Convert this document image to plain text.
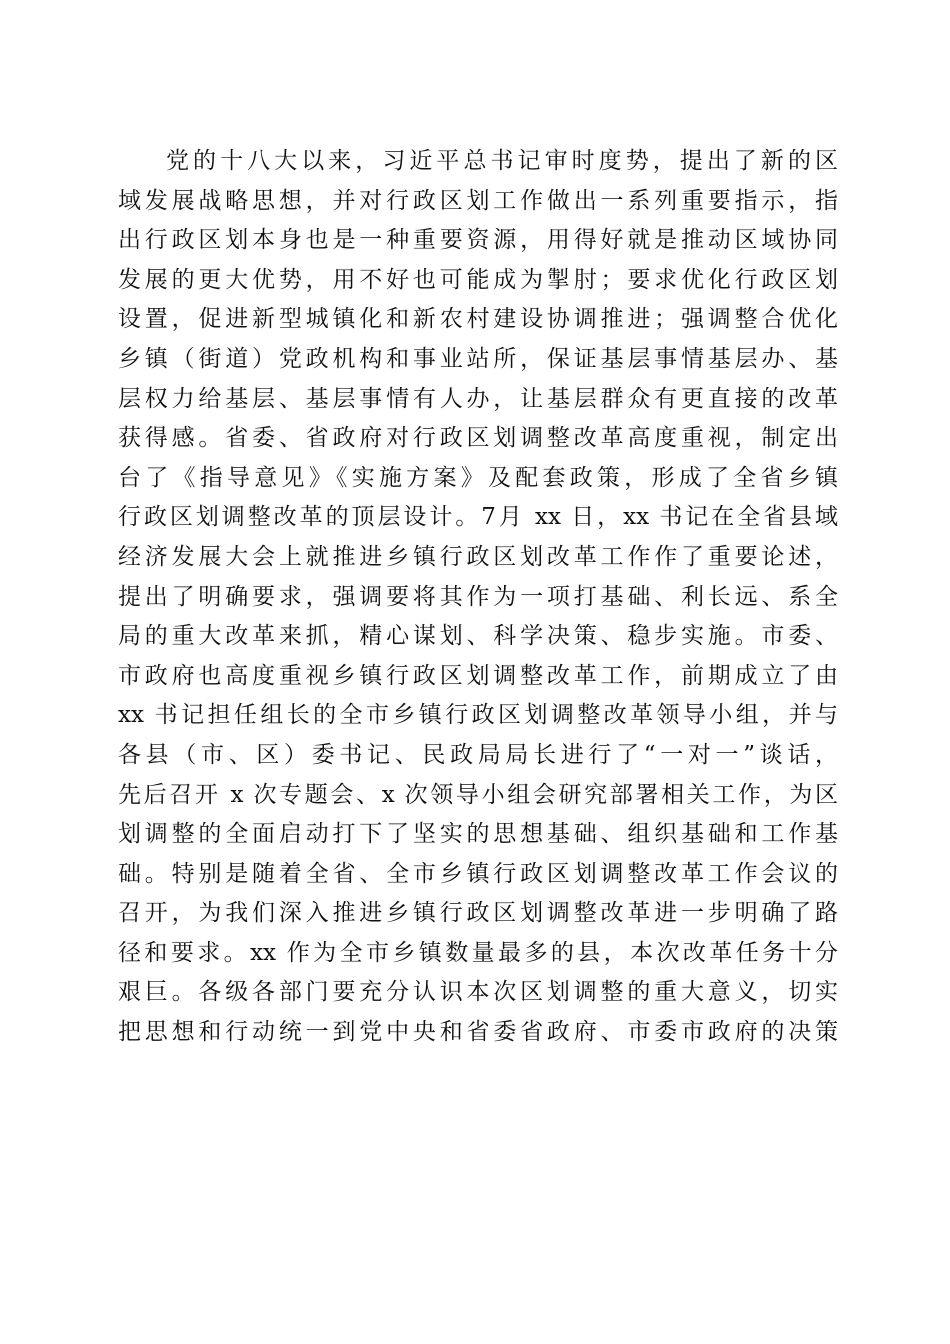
党的十八大以来，习近平总书记审时度势，提出了新的区
域发展战略思想，并对行政区划工作做出一系列重要指示，指
出行政区划本身也是一种重要资源，用得好就是推动区域协同
发展的更大优势，用不好也可能成为掣肘；要求优化行政区划
设置，促进新型城镇化和新农村建设协调推进；强调整合优化
乡镇（街道）党政机构和事业站所，保证基层事情基层办、基
层权力给基层、基层事情有人办，让基层群众有更直接的改革
获得感。省委、省政府对行政区划调整改革高度重视，制定出
台了《指导意见》《实施方案》及配套政策，形成了全省乡镇
行政区划调整改革的顶层设计。7月 xx 日，xx 书记在全省县域
经济发展大会上就推进乡镇行政区划改革工作作了重要论述，
提出了明确要求，强调要将其作为一项打基础、利长远、系全
局的重大改革来抓，精心谋划、科学决策、稳步实施。市委、
市政府也高度重视乡镇行政区划调整改革工作，前期成立了由
xx 书记担任组长的全市乡镇行政区划调整改革领导小组，并与
各县（市、区）委书记、民政局局长进行了“一对一”谈话，
先后召开 x 次专题会、x 次领导小组会研究部署相关工作，为区
划调整的全面启动打下了坚实的思想基础、组织基础和工作基
础。特别是随着全省、全市乡镇行政区划调整改革工作会议的
召开，为我们深入推进乡镇行政区划调整改革进一步明确了路
径和要求。xx 作为全市乡镇数量最多的县，本次改革任务十分
艰巨。各级各部门要充分认识本次区划调整的重大意义，切实
把思想和行动统一到党中央和省委省政府、市委市政府的决策
